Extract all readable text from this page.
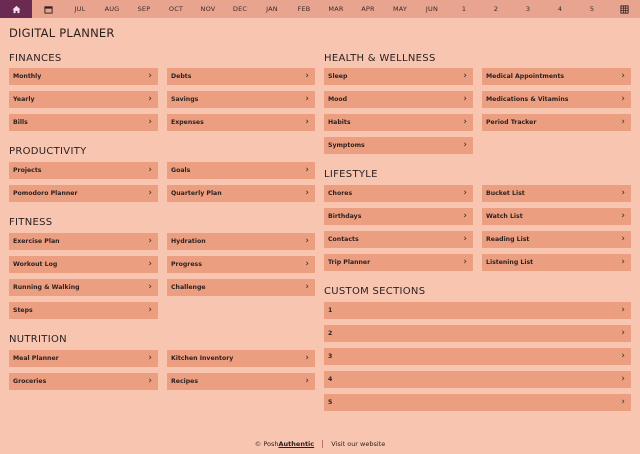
JUL	AUG	SEP	OCT	NOV	DEC	JAN	FEB	MAR	APR	MAY	JUN	1	2	3	4	5
DIGITAL PLANNER
FINANCES
Monthly	›	Debts	›
Yearly	›	Savings	›
Bills	›	Expenses	›
PRODUCTIVITY
Projects	›	Goals	›
Pomodoro Planner	›	Quarterly Plan	›
FITNESS
Exercise Plan	›	Hydration	›
Workout Log	›	Progress	›
Running & Walking	›	Challenge	›
Steps	›
NUTRITION
Meal Planner	›	Kitchen Inventory	›
Groceries	›	Recipes	›
HEALTH & WELLNESS
Sleep	›	Medical Appointments	›
Mood	›	Medications & Vitamins	›
Habits	›	Period Tracker	›
Symptoms	›
LIFESTYLE
Chores	›	Bucket List	›
Birthdays	›	Watch List	›
Contacts	›	Reading List	›
Trip Planner	›	Listening List	›
CUSTOM SECTIONS
1	›
2	›
3	›
4	›
5	›
© PoshAuthentic	Visit our website
